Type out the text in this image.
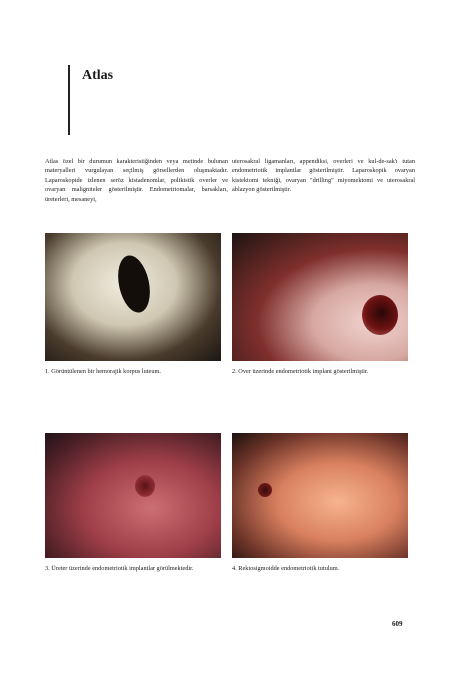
Atlas

Atlas özel bir durumun karakteristiğinden veya metinde bulunan materyalleri vurgulayan seçilmiş görsellerden oluşmaktadır. Laparoskopide izlenen seröz kistadenomlar, polikistik overler ve ovaryan maligniteler gösterilmiştir. Endometriomalar, barsakları, üreterleri, mesaneyi,

uterosakral ligamanları, appendiksi, overleri ve kul-de-sak'ı tutan endometriotik implantlar gösterilmiştir. Laparoskopik ovaryan kistektomi tekniği, ovaryan "drilling" miyomektomi ve uterosakral ablazyon gösterilmiştir.

1. Görüntülenen bir hemorajik korpus luteum.	2. Over üzerinde endometriotik implant gösterilmiştir.

3. Üreter üzerinde endometriotik implantlar görülmektedir.	4. Rektosigmoidde endometriotik tutulum.

609
